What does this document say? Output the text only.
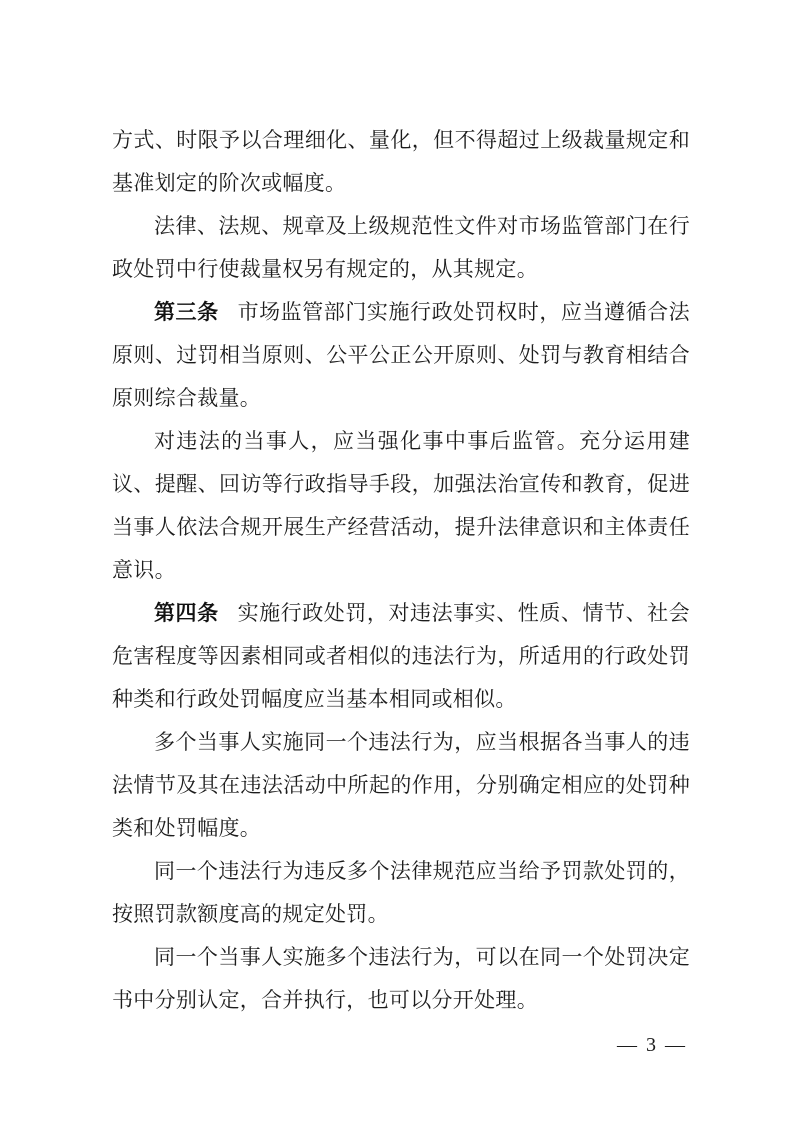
方式、时限予以合理细化、量化，但不得超过上级裁量规定和基准划定的阶次或幅度。

法律、法规、规章及上级规范性文件对市场监管部门在行政处罚中行使裁量权另有规定的，从其规定。

第三条 市场监管部门实施行政处罚权时，应当遵循合法原则、过罚相当原则、公平公正公开原则、处罚与教育相结合原则综合裁量。

对违法的当事人，应当强化事中事后监管。充分运用建议、提醒、回访等行政指导手段，加强法治宣传和教育，促进当事人依法合规开展生产经营活动，提升法律意识和主体责任意识。

第四条 实施行政处罚，对违法事实、性质、情节、社会危害程度等因素相同或者相似的违法行为，所适用的行政处罚种类和行政处罚幅度应当基本相同或相似。

多个当事人实施同一个违法行为，应当根据各当事人的违法情节及其在违法活动中所起的作用，分别确定相应的处罚种类和处罚幅度。

同一个违法行为违反多个法律规范应当给予罚款处罚的，按照罚款额度高的规定处罚。

同一个当事人实施多个违法行为，可以在同一个处罚决定书中分别认定，合并执行，也可以分开处理。

— 3 —
